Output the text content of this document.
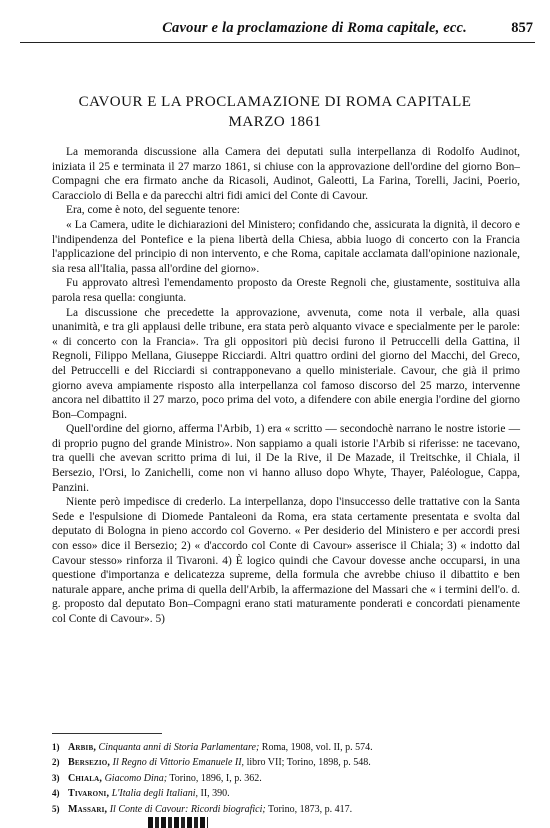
Cavour e la proclamazione di Roma capitale, ecc.	857
CAVOUR E LA PROCLAMAZIONE DI ROMA CAPITALE
MARZO 1861

La memoranda discussione alla Camera dei deputati sulla interpellanza di Rodolfo Audinot, iniziata il 25 e terminata il 27 marzo 1861, si chiuse con la approvazione dell'ordine del giorno Bon–Compagni che era firmato anche da Ricasoli, Audinot, Galeotti, La Farina, Torelli, Jacini, Poerio, Caracciolo di Bella e da parecchi altri fidi amici del Conte di Cavour.

Era, come è noto, del seguente tenore:

« La Camera, udite le dichiarazioni del Ministero; confidando che, assicurata la dignità, il decoro e l'indipendenza del Pontefice e la piena libertà della Chiesa, abbia luogo di concerto con la Francia l'applicazione del principio di non intervento, e che Roma, capitale acclamata dall'opinione nazionale, sia resa all'Italia, passa all'ordine del giorno».

Fu approvato altresì l'emendamento proposto da Oreste Regnoli che, giustamente, sostituiva alla parola resa quella: congiunta.

La discussione che precedette la approvazione, avvenuta, come nota il verbale, alla quasi unanimità, e tra gli applausi delle tribune, era stata però alquanto vivace e specialmente per le parole: « di concerto con la Francia». Tra gli oppositori più decisi furono il Petruccelli della Gattina, il Regnoli, Filippo Mellana, Giuseppe Ricciardi. Altri quattro ordini del giorno del Macchi, del Greco, del Petruccelli e del Ricciardi si contrapponevano a quello ministeriale. Cavour, che già il primo giorno aveva ampiamente risposto alla interpellanza col famoso discorso del 25 marzo, intervenne ancora nel dibattito il 27 marzo, poco prima del voto, a difendere con abile energia l'ordine del giorno Bon–Compagni.

Quell'ordine del giorno, afferma l'Arbib, 1) era « scritto — secondochè narrano le nostre istorie — di proprio pugno del grande Ministro». Non sappiamo a quali istorie l'Arbib si riferisse: ne tacevano, tra quelli che avevan scritto prima di lui, il De la Rive, il De Mazade, il Treitschke, il Chiala, il Bersezio, l'Orsi, lo Zanichelli, come non vi hanno alluso dopo Whyte, Thayer, Paléologue, Cappa, Panzini.

Niente però impedisce di crederlo. La interpellanza, dopo l'insuccesso delle trattative con la Santa Sede e l'espulsione di Diomede Pantaleoni da Roma, era stata certamente presentata e svolta dal deputato di Bologna in pieno accordo col Governo. « Per desiderio del Ministero e per accordi presi con esso» dice il Bersezio; 2) « d'accordo col Conte di Cavour» asserisce il Chiala; 3) « indotto dal Cavour stesso» rinforza il Tivaroni. 4) È logico quindi che Cavour dovesse anche occuparsi, in una questione d'importanza e delicatezza supreme, della formula che avrebbe chiuso il dibattito e ben naturale appare, anche prima di quella dell'Arbib, la affermazione del Massari che « i termini dell'o. d. g. proposto dal deputato Bon–Compagni erano stati maturamente ponderati e concordati pienamente col Conte di Cavour». 5)

1) Arbib, Cinquanta anni di Storia Parlamentare; Roma, 1908, vol. II, p. 574.
2) Bersezio, Il Regno di Vittorio Emanuele II, libro VII; Torino, 1898, p. 548.
3) Chiala, Giacomo Dina; Torino, 1896, I, p. 362.
4) Tivaroni, L'Italia degli Italiani, II, 390.
5) Massari, Il Conte di Cavour: Ricordi biografici; Torino, 1873, p. 417.
